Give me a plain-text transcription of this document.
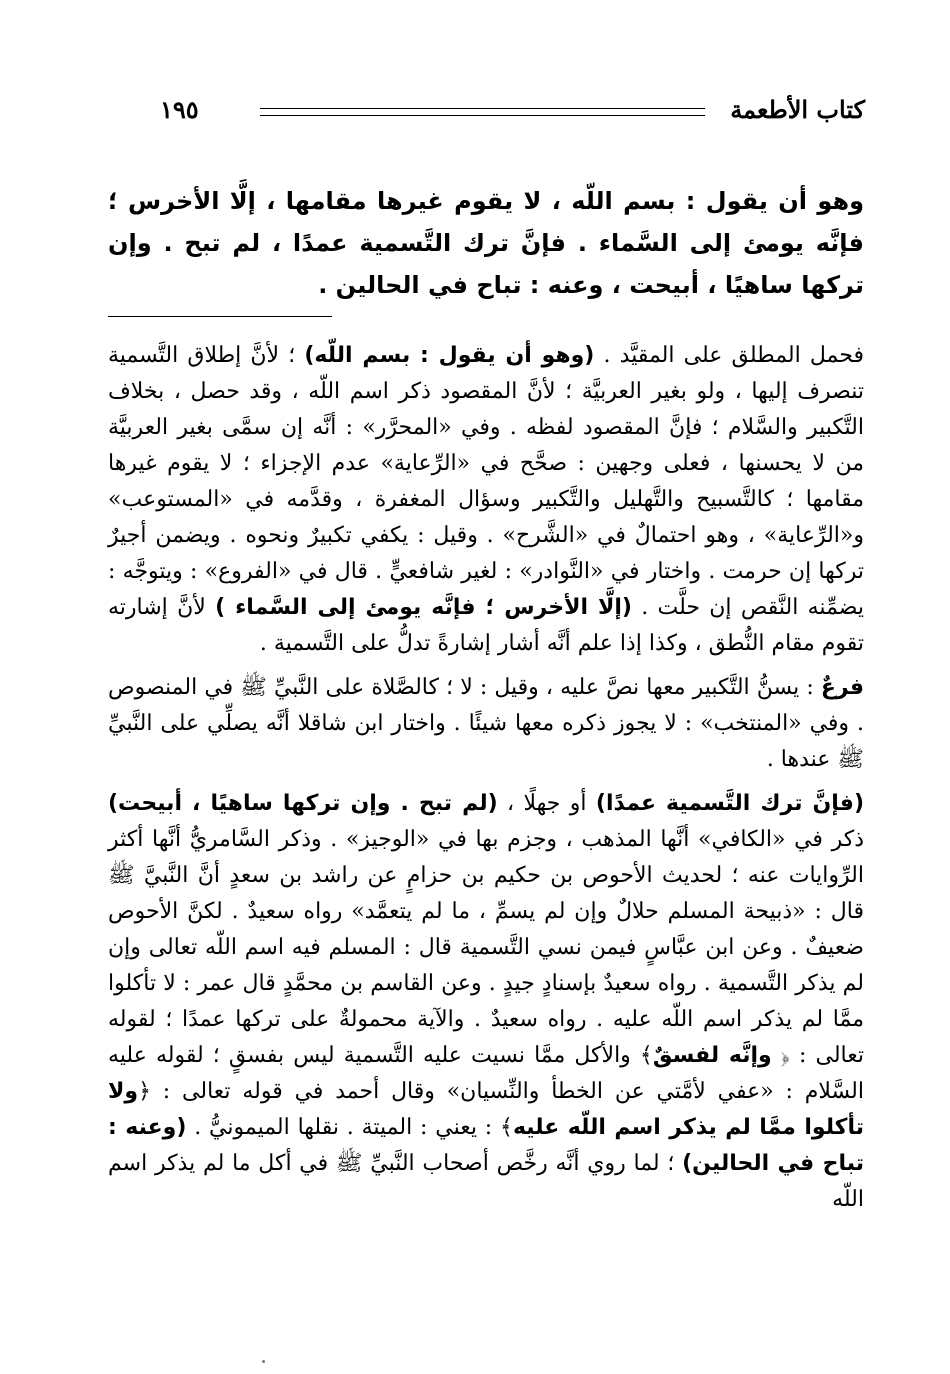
كتاب الأطعمة
١٩٥
وهو أن يقول : بسم اللّه ، لا يقوم غيرها مقامها ، إلَّا الأخرس ؛ فإنَّه يومئ إلى السَّماء . فإنَّ ترك التَّسمية عمدًا ، لم تبح . وإن تركها ساهيًا ، أبيحت ، وعنه : تباح في الحالين .

فحمل المطلق على المقيَّد . (وهو أن يقول : بسم اللّه) ؛ لأنَّ إطلاق التَّسمية تنصرف إليها ، ولو بغير العربيَّة ؛ لأنَّ المقصود ذكر اسم اللّه ، وقد حصل ، بخلاف التَّكبير والسَّلام ؛ فإنَّ المقصود لفظه . وفي «المحرَّر» : أنَّه إن سمَّى بغير العربيَّة من لا يحسنها ، فعلى وجهين : صحَّح في «الرِّعاية» عدم الإجزاء ؛ لا يقوم غيرها مقامها ؛ كالتَّسبيح والتَّهليل والتَّكبير وسؤال المغفرة ، وقدَّمه في «المستوعب» و«الرِّعاية» ، وهو احتمالٌ في «الشَّرح» . وقيل : يكفي تكبيرٌ ونحوه . ويضمن أجيرٌ تركها إن حرمت . واختار في «النَّوادر» : لغير شافعيٍّ . قال في «الفروع» : ويتوجَّه : يضمِّنه النَّقص إن حلَّت . (إلَّا الأخرس ؛ فإنَّه يومئ إلى السَّماء ) لأنَّ إشارته تقوم مقام النُّطق ، وكذا إذا علم أنَّه أشار إشارةً تدلُّ على التَّسمية .

فرعٌ : يسنُّ التَّكبير معها نصَّ عليه ، وقيل : لا ؛ كالصَّلاة على النَّبيِّ ﷺ في المنصوص . وفي «المنتخب» : لا يجوز ذكره معها شيئًا . واختار ابن شاقلا أنَّه يصلِّي على النَّبيِّ ﷺ عندها .

(فإنَّ ترك التَّسمية عمدًا) أو جهلًا ، (لم تبح . وإن تركها ساهيًا ، أبيحت) ذكر في «الكافي» أنَّها المذهب ، وجزم بها في «الوجيز» . وذكر السَّامريُّ أنَّها أكثر الرِّوايات عنه ؛ لحديث الأحوص بن حكيم بن حزامٍ عن راشد بن سعدٍ أنَّ النَّبيَّ ﷺ قال : «ذبيحة المسلم حلالٌ وإن لم يسمِّ ، ما لم يتعمَّد» رواه سعيدٌ . لكنَّ الأحوص ضعيفٌ . وعن ابن عبَّاسٍ فيمن نسي التَّسمية قال : المسلم فيه اسم اللّه تعالى وإن لم يذكر التَّسمية . رواه سعيدٌ بإسنادٍ جيدٍ . وعن القاسم بن محمَّدٍ قال عمر : لا تأكلوا ممَّا لم يذكر اسم اللّه عليه . رواه سعيدٌ . والآية محمولةٌ على تركها عمدًا ؛ لقوله تعالى : ﴿ وإنَّه لفسقٌ﴾ والأكل ممَّا نسيت عليه التَّسمية ليس بفسقٍ ؛ لقوله عليه السَّلام : «عفي لأمَّتي عن الخطأ والنِّسيان» وقال أحمد في قوله تعالى : ﴿ولا تأكلوا ممَّا لم يذكر اسم اللّه عليه﴾ : يعني : الميتة . نقلها الميمونيُّ . (وعنه : تباح في الحالين) ؛ لما روي أنَّه رخَّص أصحاب النَّبيِّ ﷺ في أكل ما لم يذكر اسم اللّه
